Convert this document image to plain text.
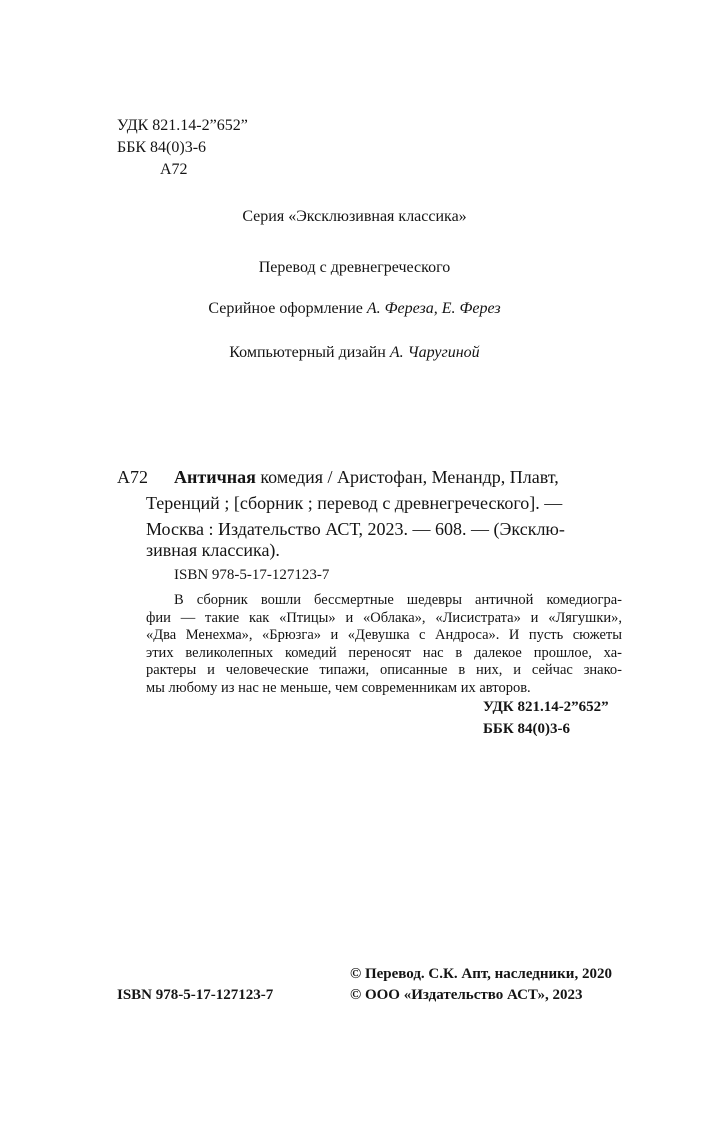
УДК 821.14-2”652”
ББК 84(0)3-6
А72
Серия «Эксклюзивная классика»
Перевод с древнегреческого
Серийное оформление А. Фереза, Е. Ферез
Компьютерный дизайн А. Чаругиной
А72 Античная комедия / Аристофан, Менандр, Плавт,
Теренций ; [сборник ; перевод с древнегреческого]. —
Москва : Издательство АСТ, 2023. — 608. — (Эксклю-
зивная классика).
ISBN 978-5-17-127123-7
В сборник вошли бессмертные шедевры античной комедиогра-
фии — такие как «Птицы» и «Облака», «Лисистрата» и «Лягушки»,
«Два Менехма», «Брюзга» и «Девушка с Андроса». И пусть сюжеты
этих великолепных комедий переносят нас в далекое прошлое, ха-
рактеры и человеческие типажи, описанные в них, и сейчас знако-
мы любому из нас не меньше, чем современникам их авторов.
УДК 821.14-2”652”
ББК 84(0)3-6
© Перевод. С.К. Апт, наследники, 2020
ISBN 978-5-17-127123-7	© ООО «Издательство АСТ», 2023
